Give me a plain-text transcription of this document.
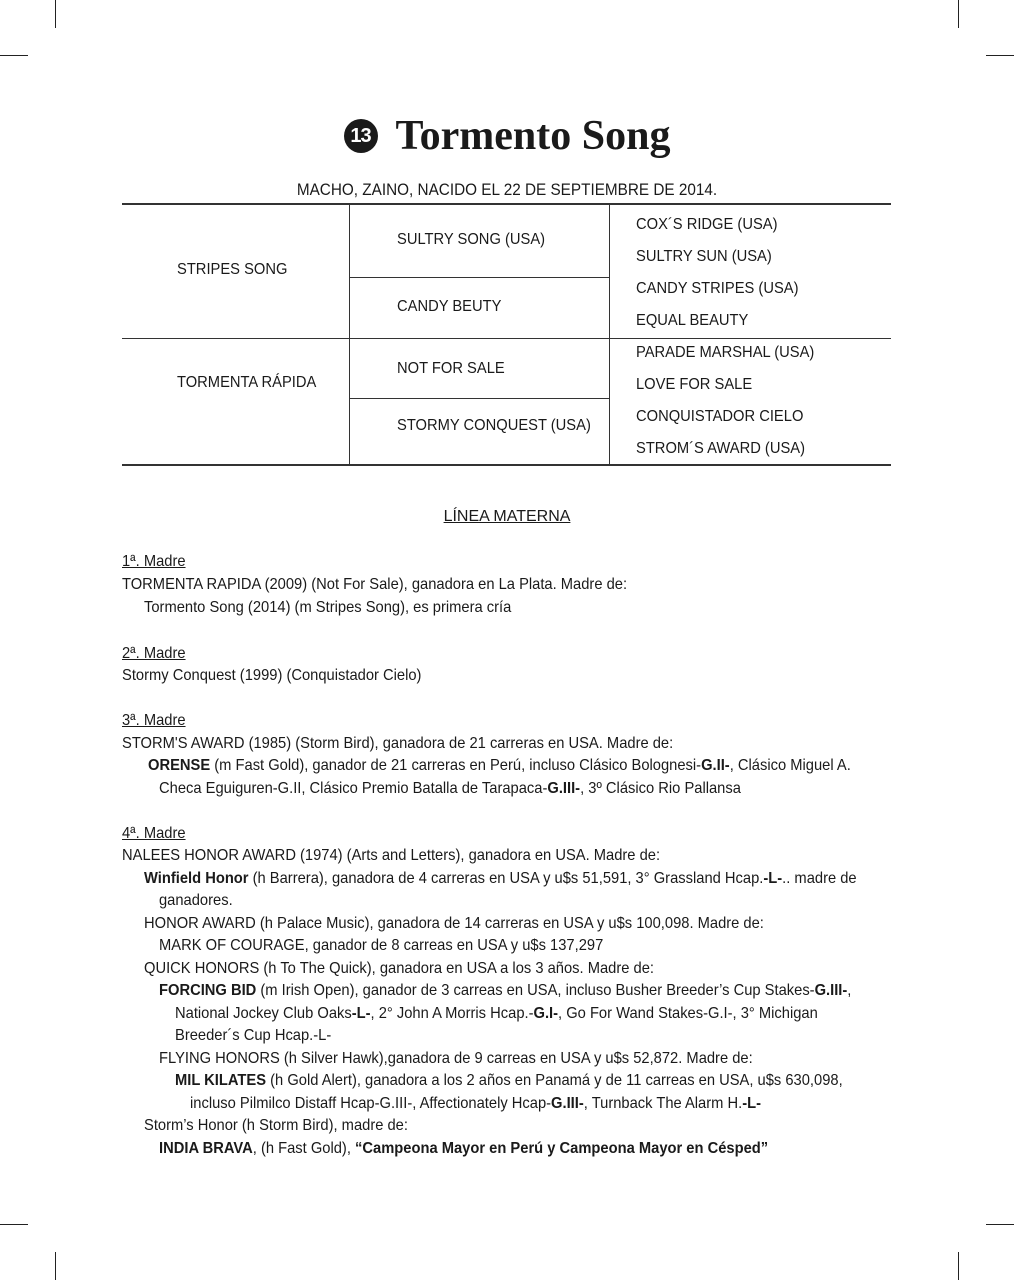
13 Tormento Song
MACHO, ZAINO, NACIDO EL 22 DE SEPTIEMBRE DE 2014.
STRIPES SONG
TORMENTA RÁPIDA
SULTRY SONG (USA)
CANDY BEUTY
NOT FOR SALE
STORMY CONQUEST (USA)
COX´S RIDGE (USA)
SULTRY SUN (USA)
CANDY STRIPES (USA)
EQUAL BEAUTY
PARADE MARSHAL (USA)
LOVE FOR SALE
CONQUISTADOR CIELO
STROM´S AWARD (USA)
LÍNEA MATERNA
1ª. Madre
TORMENTA RAPIDA (2009) (Not For Sale), ganadora en La Plata. Madre de:
Tormento Song (2014) (m Stripes Song), es primera cría
2ª. Madre
Stormy Conquest (1999) (Conquistador Cielo)
3ª. Madre
STORM'S AWARD (1985) (Storm Bird), ganadora de 21 carreras en USA. Madre de:
ORENSE (m Fast Gold), ganador de 21 carreras en Perú, incluso Clásico Bolognesi-G.II-, Clásico Miguel A.
Checa Eguiguren-G.II, Clásico Premio Batalla de Tarapaca-G.III-, 3º Clásico Rio Pallansa
4ª. Madre
NALEES HONOR AWARD (1974) (Arts and Letters), ganadora en USA. Madre de:
Winfield Honor (h Barrera), ganadora de 4 carreras en USA y u$s 51,591, 3° Grassland Hcap.-L-.. madre de
ganadores.
HONOR AWARD (h Palace Music), ganadora de 14 carreras en USA y u$s 100,098. Madre de:
MARK OF COURAGE, ganador de 8 carreas en USA y u$s 137,297
QUICK HONORS (h To The Quick), ganadora en USA a los 3 años. Madre de:
FORCING BID (m Irish Open), ganador de 3 carreas en USA, incluso Busher Breeder’s Cup Stakes-G.III-,
National Jockey Club Oaks-L-, 2° John A Morris Hcap.-G.I-, Go For Wand Stakes-G.I-, 3° Michigan
Breeder´s Cup Hcap.-L-
FLYING HONORS (h Silver Hawk),ganadora de 9 carreas en USA y u$s 52,872. Madre de:
MIL KILATES (h Gold Alert), ganadora a los 2 años en Panamá y de 11 carreas en USA, u$s 630,098,
incluso Pilmilco Distaff Hcap-G.III-, Affectionately Hcap-G.III-, Turnback The Alarm H.-L-
Storm’s Honor (h Storm Bird), madre de:
INDIA BRAVA, (h Fast Gold), “Campeona Mayor en Perú y Campeona Mayor en Césped”
